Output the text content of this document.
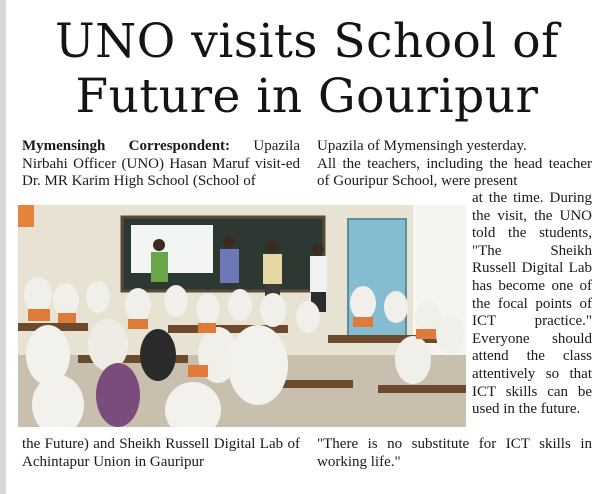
UNO visits School of
Future in Gouripur

Mymensingh Correspondent: Upazila Nirbahi Officer (UNO) Hasan Maruf visit-ed Dr. MR Karim High School (School of

Upazila of Mymensingh yesterday.

All the teachers, including the head teacher of Gouripur School, were present

at the time. During the visit, the UNO told the students, "The Sheikh Russell Digital Lab has become one of the focal points of ICT practice." Everyone should attend the class attentively so that ICT skills can be used in the future.

the Future) and Sheikh Russell Digital Lab of Achintapur Union in Gauripur

"There is no substitute for ICT skills in working life."
